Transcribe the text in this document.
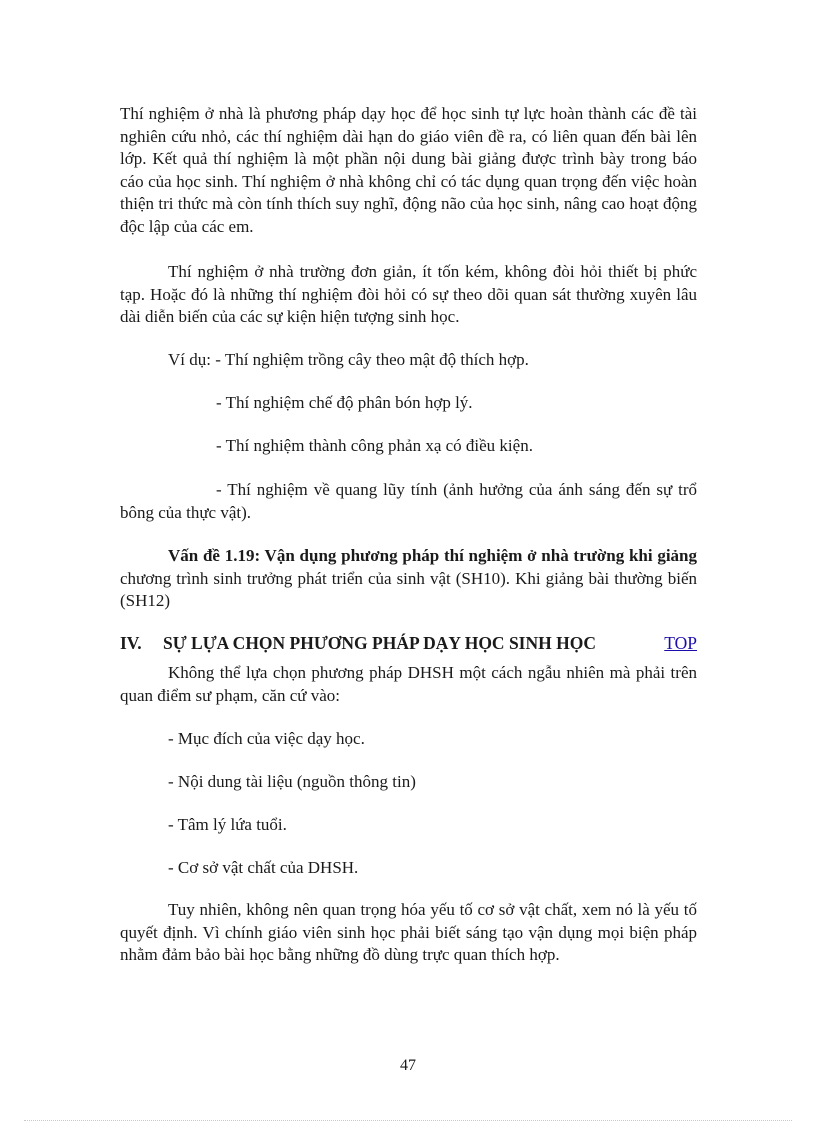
Thí nghiệm ở nhà là phương pháp dạy học để học sinh tự lực hoàn thành các đề tài nghiên cứu nhỏ, các thí nghiệm dài hạn do giáo viên đề ra, có liên quan đến bài lên lớp. Kết quả thí nghiệm là một phần nội dung bài giảng được trình bày trong báo cáo của học sinh. Thí nghiệm ở nhà không chỉ có tác dụng quan trọng đến việc hoàn thiện tri thức mà còn tính thích suy nghĩ, động não của học sinh, nâng cao hoạt động độc lập của các em.

Thí nghiệm ở nhà trường đơn giản, ít tốn kém, không đòi hỏi thiết bị phức tạp. Hoặc đó là những thí nghiệm đòi hỏi có sự theo dõi quan sát thường xuyên lâu dài diễn biến của các sự kiện hiện tượng sinh học.

Ví dụ: - Thí nghiệm trồng cây theo mật độ thích hợp.

- Thí nghiệm chế độ phân bón hợp lý.

- Thí nghiệm thành công phản xạ có điều kiện.

- Thí nghiệm về quang lũy tính (ảnh hưởng của ánh sáng đến sự trổ bông của thực vật).

Vấn đề 1.19: Vận dụng phương pháp thí nghiệm ở nhà trường khi giảng chương trình sinh trưởng phát triển của sinh vật (SH10). Khi giảng bài thường biến (SH12)

IV. SỰ LỰA CHỌN PHƯƠNG PHÁP DẠY HỌC SINH HỌC	TOP

Không thể lựa chọn phương pháp DHSH một cách ngẫu nhiên mà phải trên quan điểm sư phạm, căn cứ vào:

- Mục đích của việc dạy học.

- Nội dung tài liệu (nguồn thông tin)

- Tâm lý lứa tuổi.

- Cơ sở vật chất của DHSH.

Tuy nhiên, không nên quan trọng hóa yếu tố cơ sở vật chất, xem nó là yếu tố quyết định. Vì chính giáo viên sinh học phải biết sáng tạo vận dụng mọi biện pháp nhằm đảm bảo bài học bằng những đồ dùng trực quan thích hợp.

47
